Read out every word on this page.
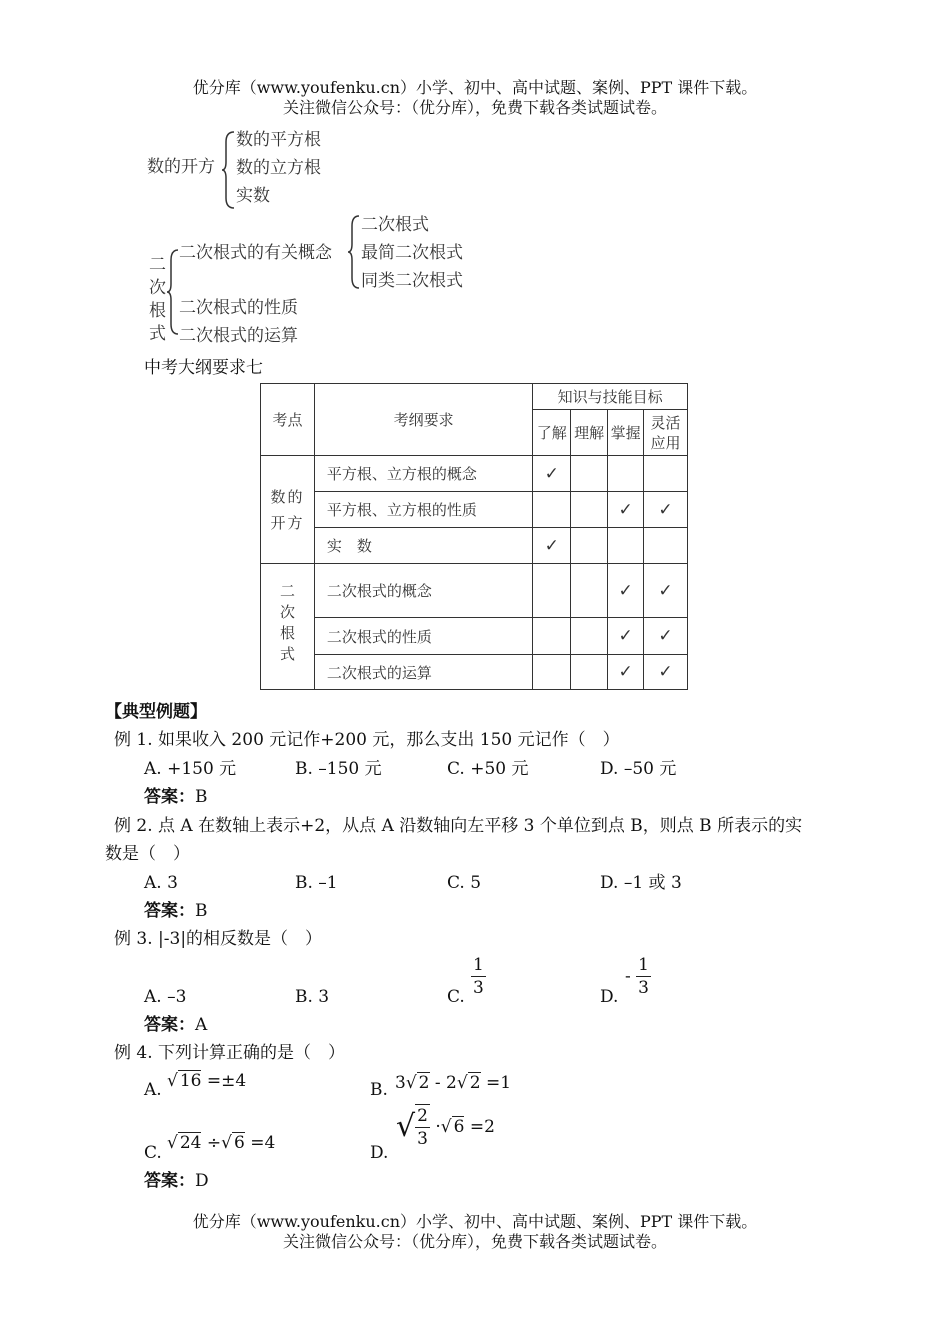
优分库（www.youfenku.cn）小学、初中、高中试题、案例、PPT 课件下载。
关注微信公众号：（优分库），免费下载各类试题试卷。
数的开方
数的平方根
数的立方根
实数
二次根式
二次根式的有关概念
二次根式
最简二次根式
同类二次根式
二次根式的性质
二次根式的运算
中考大纲要求七
考点	考纲要求	知识与技能目标			
		了解	理解	掌握	灵活应用
数的开方	平方根、立方根的概念	✓			
	平方根、立方根的性质			✓	✓
	实　数	✓			
二次根式	二次根式的概念			✓	✓
	二次根式的性质			✓	✓
	二次根式的运算			✓	✓
【典型例题】
例 1. 如果收入 200 元记作+200 元，那么支出 150 元记作（　）
A. +150 元	B. –150 元	C. +50 元	D. –50 元
答案：B
例 2. 点 A 在数轴上表示+2，从点 A 沿数轴向左平移 3 个单位到点 B，则点 B 所表示的实
数是（　）
A. 3	B. –1	C. 5	D. –1 或 3
答案：B
例 3. |-3|的相反数是（　）
A. –3	B. 3	C. $\frac{1}{3}$	D.
- $\frac{1}{3}$
答案：A
例 4. 下列计算正确的是（　）
A. √ 16 =±4	B. 3√ 2 - 2√ 2 =1
C. √ 24 ÷√ 6 =4	D.
√ $\frac{2}{3}$ ·√ 6 =2
答案：D
优分库（www.youfenku.cn）小学、初中、高中试题、案例、PPT 课件下载。
关注微信公众号：（优分库），免费下载各类试题试卷。
